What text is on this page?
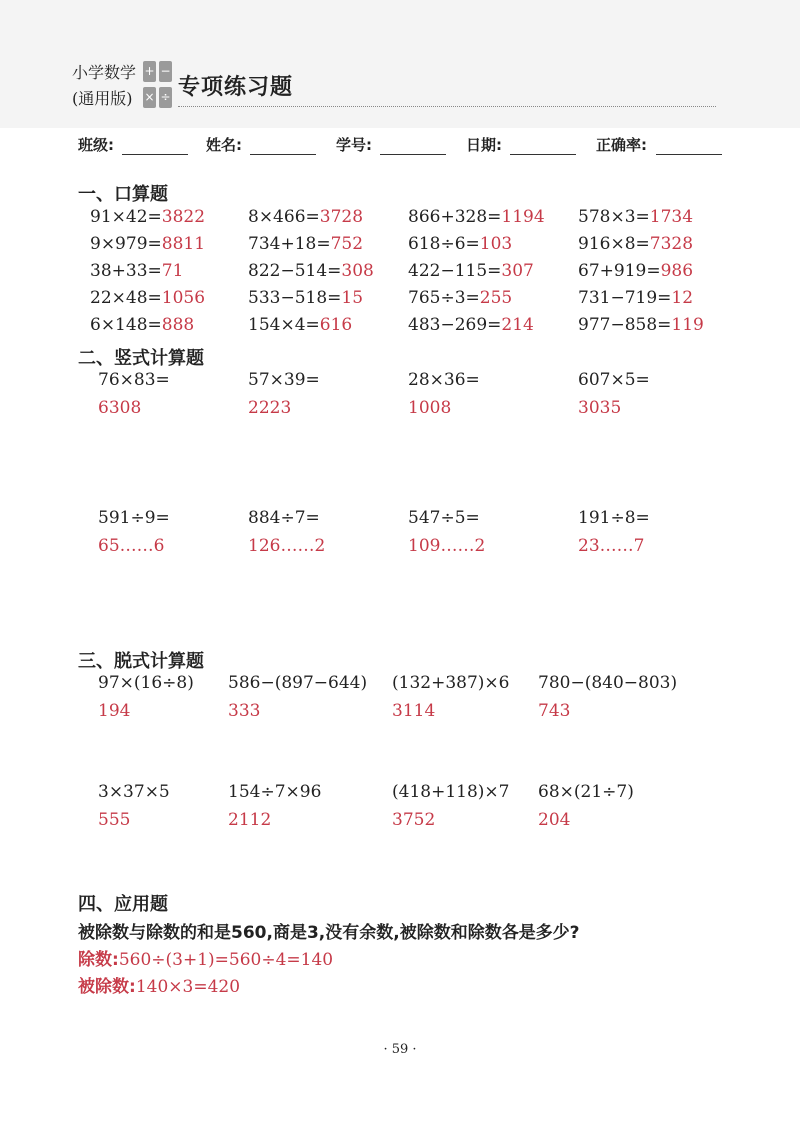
小学数学
(通用版)
+ −
× ÷ 专项练习题
班级:	姓名:	学号:	日期:	正确率:
一、口算题
91×42=3822	8×466=3728	866+328=1194 578×3=1734
9×979=8811	734+18=752	618÷6=103	916×8=7328
38+33=71	822−514=308 422−115=307	67+919=986
22×48=1056	533−518=15	765÷3=255	731−719=12
6×148=888	154×4=616	483−269=214	977−858=119
二、竖式计算题
76×83=
6308
57×39=
2223
28×36=
1008
607×5=
3035
591÷9=
65……6
884÷7=
126……2
547÷5=
109……2
191÷8=
23……7
三、脱式计算题
97×(16÷8)
194
586−(897−644)
333
(132+387)×6
3114
780−(840−803)
743
3×37×5
555
154÷7×96
2112
(418+118)×7
3752
68×(21÷7)
204
四、应用题
被除数与除数的和是560,商是3,没有余数,被除数和除数各是多少?
除数:560÷(3+1)=560÷4=140
被除数:140×3=420
· 59 ·
